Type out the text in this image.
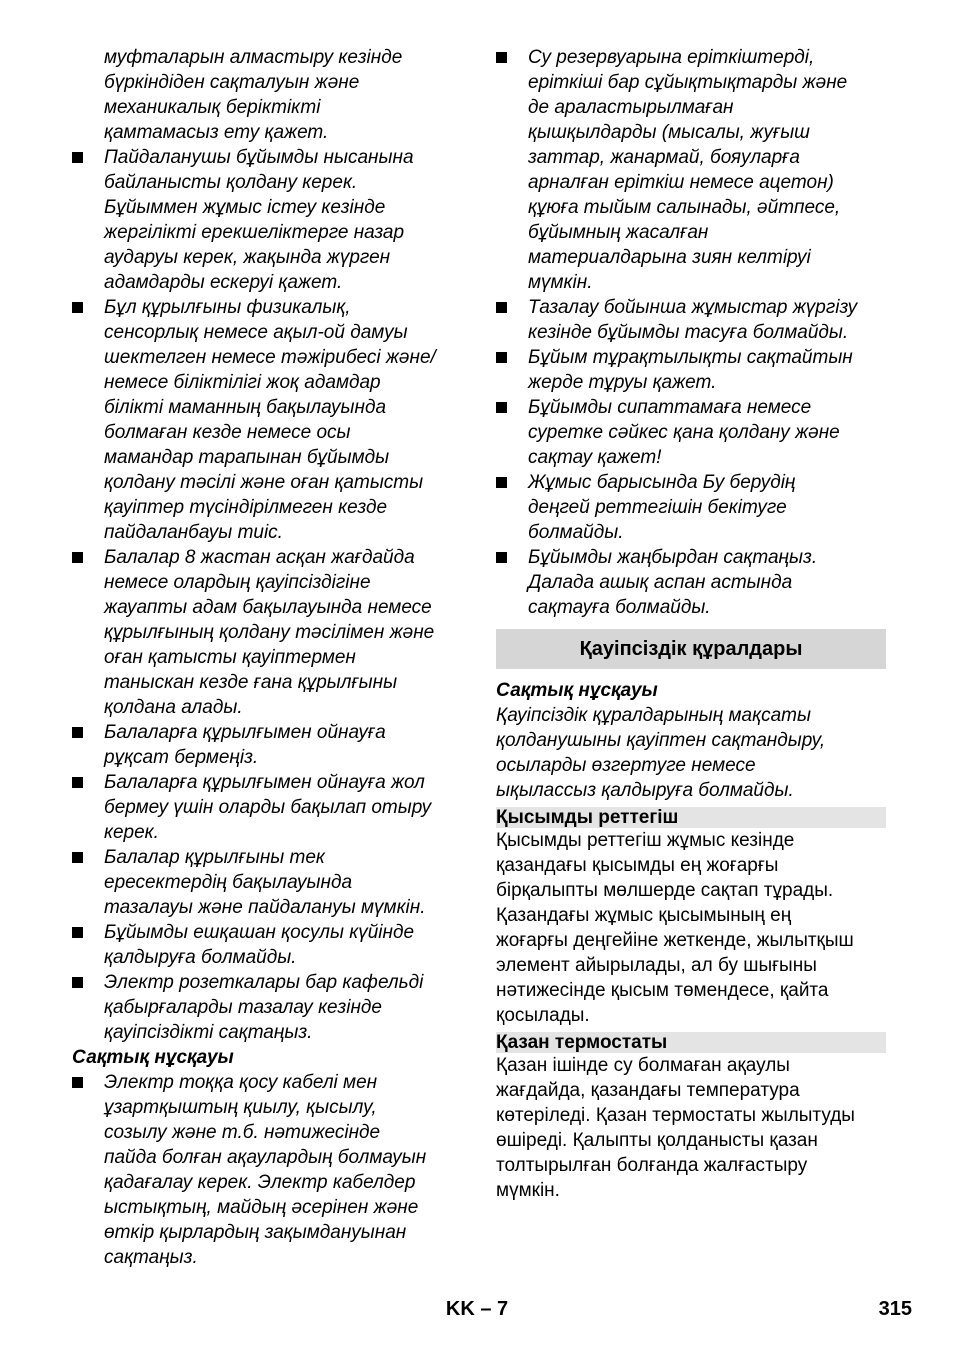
муфталарын алмастыру кезінде
бүркіндіден сақталуын және
механикалық беріктікті
қамтамасыз ету қажет.
Пайдаланушы бұйымды нысанына
байланысты қолдану керек.
Бұйыммен жұмыс істеу кезінде
жергілікті ерекшеліктерге назар
аударуы керек, жақында жүрген
адамдарды ескеруі қажет.
Бұл құрылғыны физикалық,
сенсорлық немесе ақыл-ой дамуы
шектелген немесе тәжірибесі және/
немесе біліктілігі жоқ адамдар
білікті маманның бақылауында
болмаған кезде немесе осы
мамандар тарапынан бұйымды
қолдану тәсілі және оған қатысты
қауіптер түсіндірілмеген кезде
пайдаланбауы тиіс.
Балалар 8 жастан асқан жағдайда
немесе олардың қауіпсіздігіне
жауапты адам бақылауында немесе
құрылғының қолдану тәсілімен және
оған қатысты қауіптермен
таныскан кезде ғана құрылғыны
қолдана алады.
Балаларға құрылғымен ойнауға
рұқсат бермеңіз.
Балаларға құрылғымен ойнауға жол
бермеу үшін оларды бақылап отыру
керек.
Балалар құрылғыны тек
ересектердің бақылауында
тазалауы және пайдалануы мүмкін.
Бұйымды ешқашан қосулы күйінде
қалдыруға болмайды.
Электр розеткалары бар кафельді
қабырғаларды тазалау кезінде
қауіпсіздікті сақтаңыз.

Сақтық нұсқауы

Электр тоққа қосу кабелі мен
ұзартқыштың қиылу, қысылу,
созылу және т.б. нәтижесінде
пайда болған ақаулардың болмауын
қадағалау керек. Электр кабелдер
ыстықтың, майдың әсерінен және
өткір қырлардың зақымдануынан
сақтаңыз.
Су резервуарына еріткіштерді,
еріткіші бар сұйықтықтарды және
де араластырылмаған
қышқылдарды (мысалы, жуғыш
заттар, жанармай, бояуларға
арналған еріткіш немесе ацетон)
құюға тыйым салынады, әйтпесе,
бұйымның жасалған
материалдарына зиян келтіруі
мүмкін.
Тазалау бойынша жұмыстар жүргізу
кезінде бұйымды тасуға болмайды.
Бұйым тұрақтылықты сақтайтын
жерде тұруы қажет.
Бұйымды сипаттамаға немесе
суретке сәйкес қана қолдану және
сақтау қажет!
Жұмыс барысында Бу берудің
деңгей реттегішін бекітуге
болмайды.
Бұйымды жаңбырдан сақтаңыз.
Далада ашық аспан астында
сақтауға болмайды.
Қауіпсіздік құралдары

Сақтық нұсқауы

Қауіпсіздік құралдарының мақсаты
қолданушыны қауіптен сақтандыру,
осыларды өзгертуге немесе
ықыласcыз қалдыруға болмайды.

Қысымды реттегіш

Қысымды реттегіш жұмыс кезінде
қазандағы қысымды ең жоғарғы
бірқалыпты мөлшерде сақтап тұрады.
Қазандағы жұмыс қысымының ең
жоғарғы деңгейіне жеткенде, жылытқыш
элемент айырылады, ал бу шығыны
нәтижесінде қысым төмендесе, қайта
қосылады.

Қазан термостаты

Қазан ішінде су болмаған ақаулы
жағдайда, қазандағы температура
көтеріледі. Қазан термостаты жылытуды
өшіреді. Қалыпты қолданысты қазан
толтырылған болғанда жалғастыру
мүмкін.

KK – 7	315
